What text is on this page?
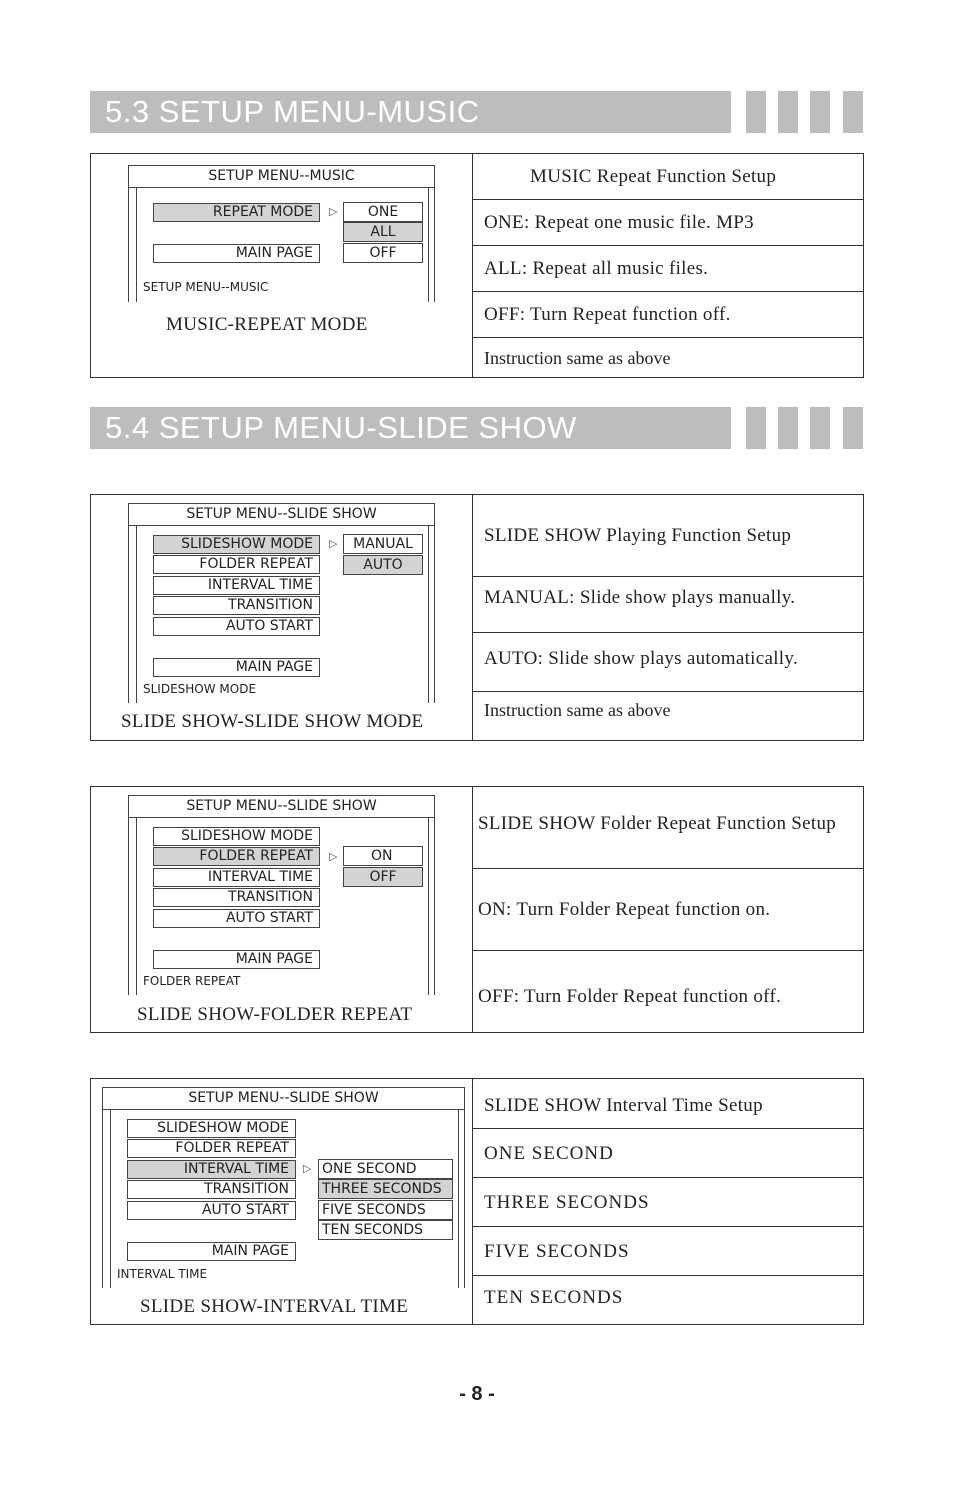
5.3 SETUP MENU-MUSIC
SETUP MENU--MUSIC
REPEAT MODE	▷	ONE
ALL
OFF
MAIN PAGE
SETUP MENU--MUSIC
MUSIC-REPEAT MODE
MUSIC Repeat Function Setup
ONE: Repeat one music file. MP3
ALL: Repeat all music files.
OFF: Turn Repeat function off.
Instruction same as above
5.4 SETUP MENU-SLIDE SHOW
SETUP MENU--SLIDE SHOW
SLIDESHOW MODE
FOLDER REPEAT
INTERVAL TIME
TRANSITION
AUTO START
MAIN PAGE
▷	MANUAL
AUTO
SLIDESHOW MODE
SLIDE SHOW-SLIDE SHOW MODE
SLIDE SHOW Playing Function Setup
MANUAL: Slide show plays manually.
AUTO: Slide show plays automatically.
Instruction same as above
SETUP MENU--SLIDE SHOW
SLIDESHOW MODE
FOLDER REPEAT
INTERVAL TIME
TRANSITION
AUTO START
MAIN PAGE
▷	ON
OFF
FOLDER REPEAT
SLIDE SHOW-FOLDER REPEAT
SLIDE SHOW Folder Repeat Function Setup
ON: Turn Folder Repeat function on.
OFF: Turn Folder Repeat function off.
SETUP MENU--SLIDE SHOW
SLIDESHOW MODE
FOLDER REPEAT
INTERVAL TIME
TRANSITION
AUTO START
MAIN PAGE
▷ ONE SECOND
THREE SECONDS
FIVE SECONDS
TEN SECONDS
INTERVAL TIME
SLIDE SHOW-INTERVAL TIME
SLIDE SHOW Interval Time Setup
ONE SECOND
THREE SECONDS
FIVE SECONDS
TEN SECONDS
- 8 -
